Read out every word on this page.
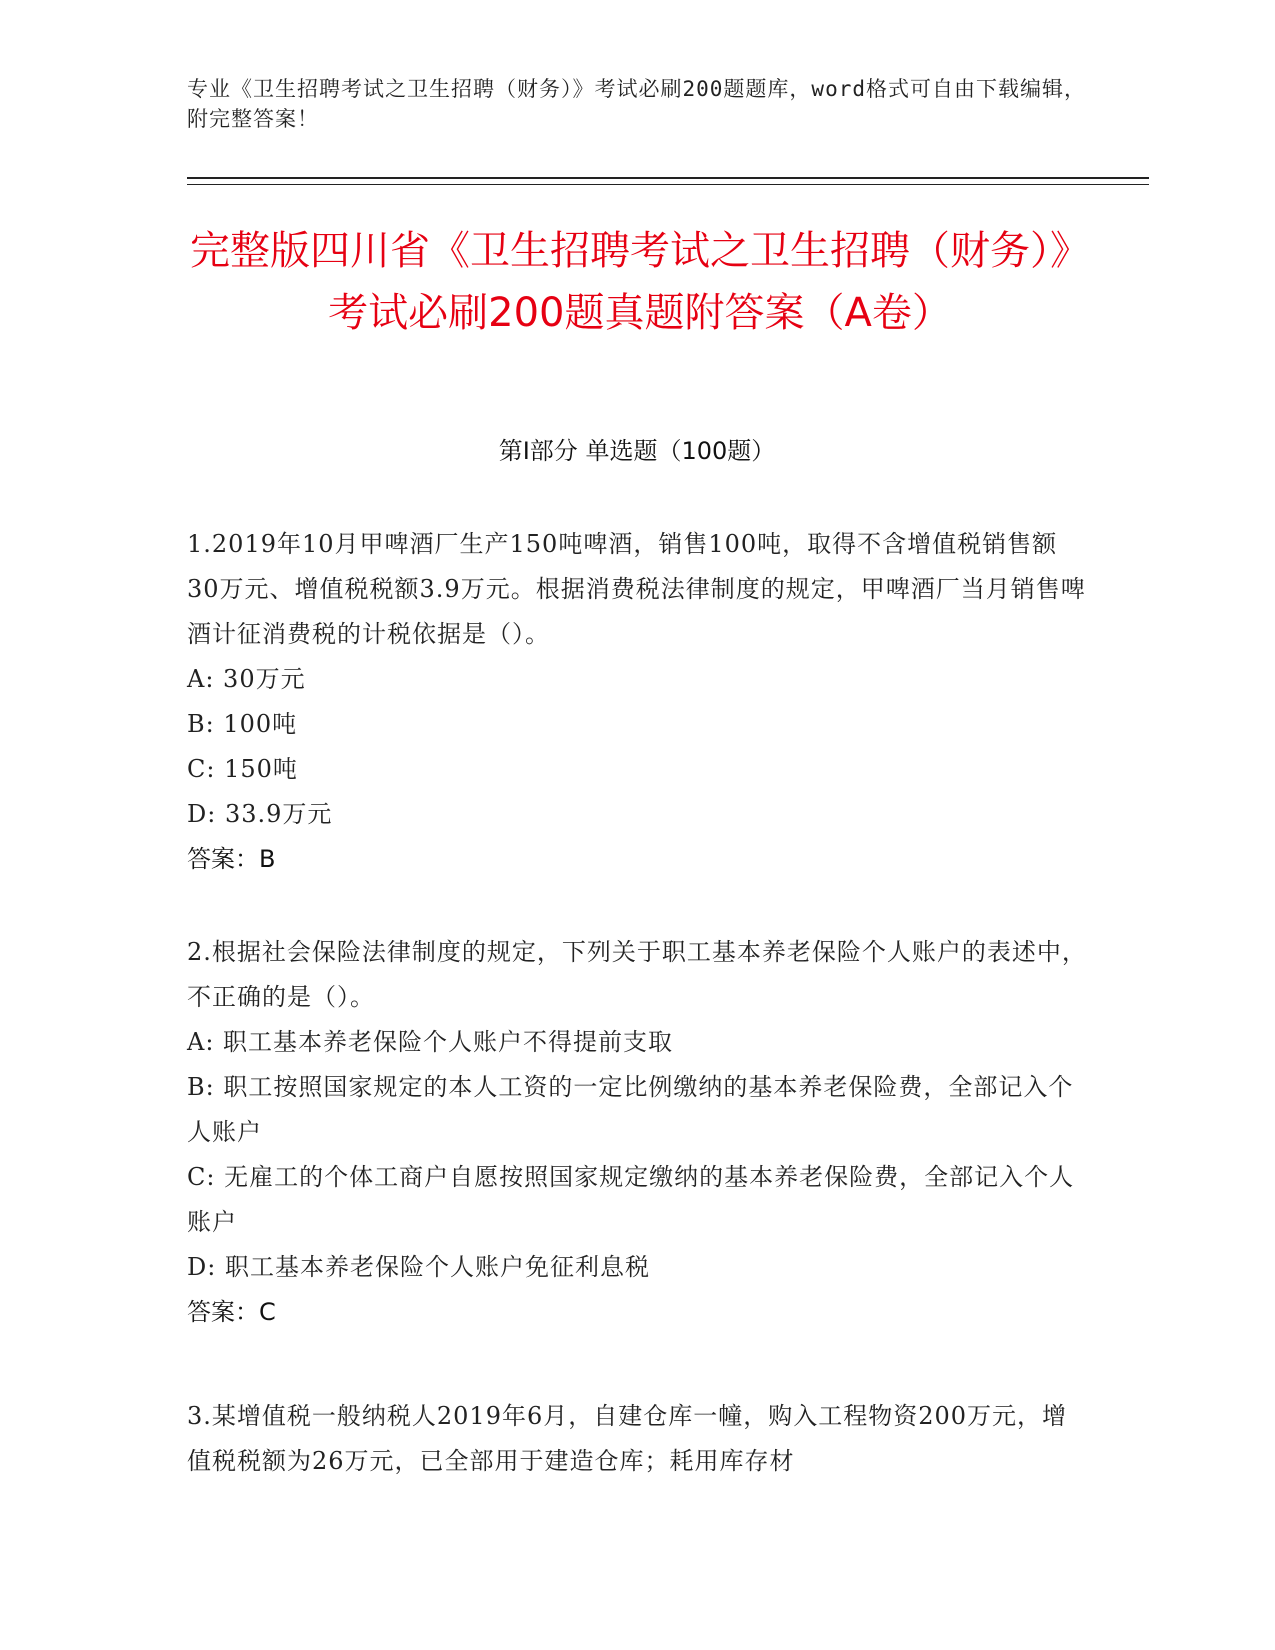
专业《卫生招聘考试之卫生招聘（财务）》考试必刷200题题库，word格式可自由下载编辑，附完整答案！
完整版四川省《卫生招聘考试之卫生招聘（财务）》考试必刷200题真题附答案（A卷）
第I部分 单选题（100题）

1.2019年10月甲啤酒厂生产150吨啤酒，销售100吨，取得不含增值税销售额30万元、增值税税额3.9万元。根据消费税法律制度的规定，甲啤酒厂当月销售啤酒计征消费税的计税依据是（）。

A: 30万元

B: 100吨

C: 150吨

D: 33.9万元

答案：B

2.根据社会保险法律制度的规定，下列关于职工基本养老保险个人账户的表述中，不正确的是（）。

A: 职工基本养老保险个人账户不得提前支取

B: 职工按照国家规定的本人工资的一定比例缴纳的基本养老保险费，全部记入个人账户

C: 无雇工的个体工商户自愿按照国家规定缴纳的基本养老保险费，全部记入个人账户

D: 职工基本养老保险个人账户免征利息税

答案：C

3.某增值税一般纳税人2019年6月，自建仓库一幢，购入工程物资200万元，增值税税额为26万元，已全部用于建造仓库；耗用库存材
